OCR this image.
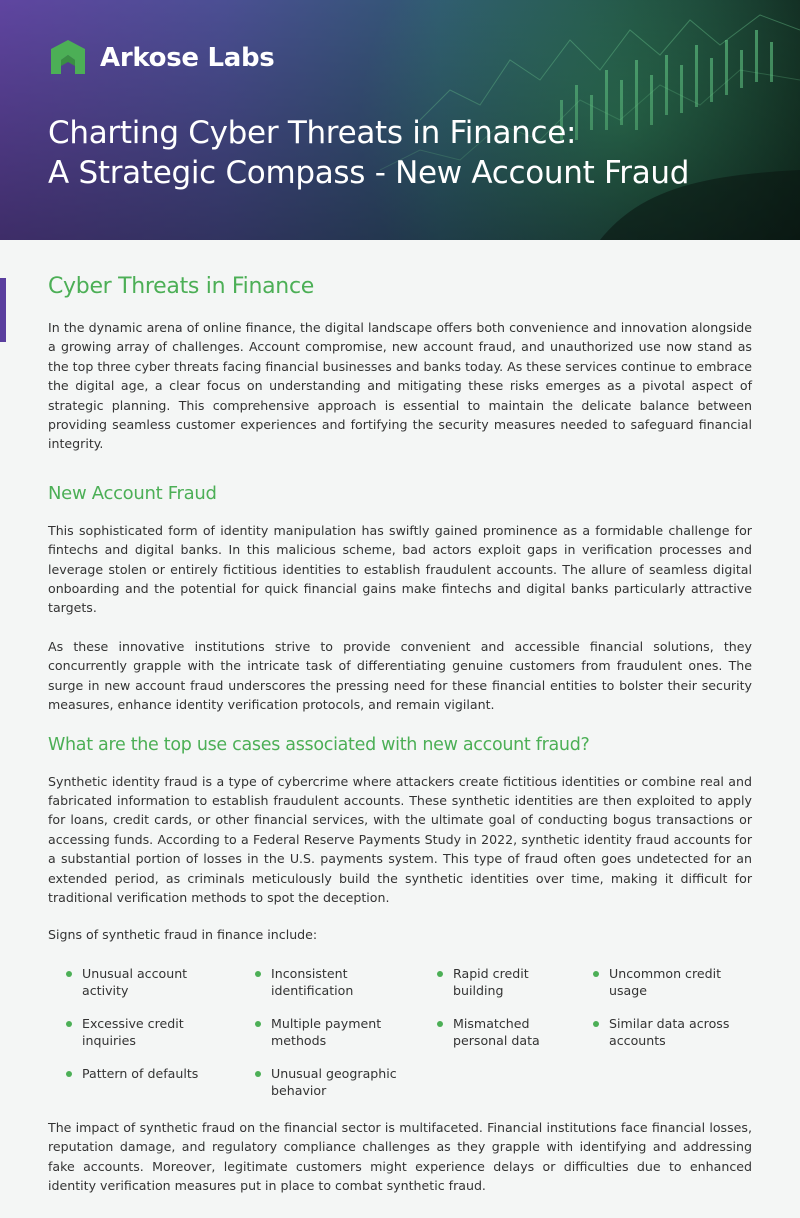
Arkose Labs
Charting Cyber Threats in Finance:
A Strategic Compass - New Account Fraud
Cyber Threats in Finance

In the dynamic arena of online finance, the digital landscape offers both convenience and innovation alongside a growing array of challenges. Account compromise, new account fraud, and unauthorized use now stand as the top three cyber threats facing financial businesses and banks today. As these services continue to embrace the digital age, a clear focus on understanding and mitigating these risks emerges as a pivotal aspect of strategic planning. This comprehensive approach is essential to maintain the delicate balance between providing seamless customer experiences and fortifying the security measures needed to safeguard financial integrity.

New Account Fraud

This sophisticated form of identity manipulation has swiftly gained prominence as a formidable challenge for fintechs and digital banks. In this malicious scheme, bad actors exploit gaps in verification processes and leverage stolen or entirely fictitious identities to establish fraudulent accounts. The allure of seamless digital onboarding and the potential for quick financial gains make fintechs and digital banks particularly attractive targets.

As these innovative institutions strive to provide convenient and accessible financial solutions, they concurrently grapple with the intricate task of differentiating genuine customers from fraudulent ones. The surge in new account fraud underscores the pressing need for these financial entities to bolster their security measures, enhance identity verification protocols, and remain vigilant.

What are the top use cases associated with new account fraud?

Synthetic identity fraud is a type of cybercrime where attackers create fictitious identities or combine real and fabricated information to establish fraudulent accounts. These synthetic identities are then exploited to apply for loans, credit cards, or other financial services, with the ultimate goal of conducting bogus transactions or accessing funds. According to a Federal Reserve Payments Study in 2022, synthetic identity fraud accounts for a substantial portion of losses in the U.S. payments system. This type of fraud often goes undetected for an extended period, as criminals meticulously build the synthetic identities over time, making it difficult for traditional verification methods to spot the deception.

Signs of synthetic fraud in finance include:

Unusual account activity
Inconsistent identification
Rapid credit building
Uncommon credit usage
Excessive credit inquiries
Multiple payment methods
Mismatched personal data
Similar data across accounts
Pattern of defaults	Unusual geographic behavior

The impact of synthetic fraud on the financial sector is multifaceted. Financial institutions face financial losses, reputation damage, and regulatory compliance challenges as they grapple with identifying and addressing fake accounts. Moreover, legitimate customers might experience delays or difficulties due to enhanced identity verification measures put in place to combat synthetic fraud.
